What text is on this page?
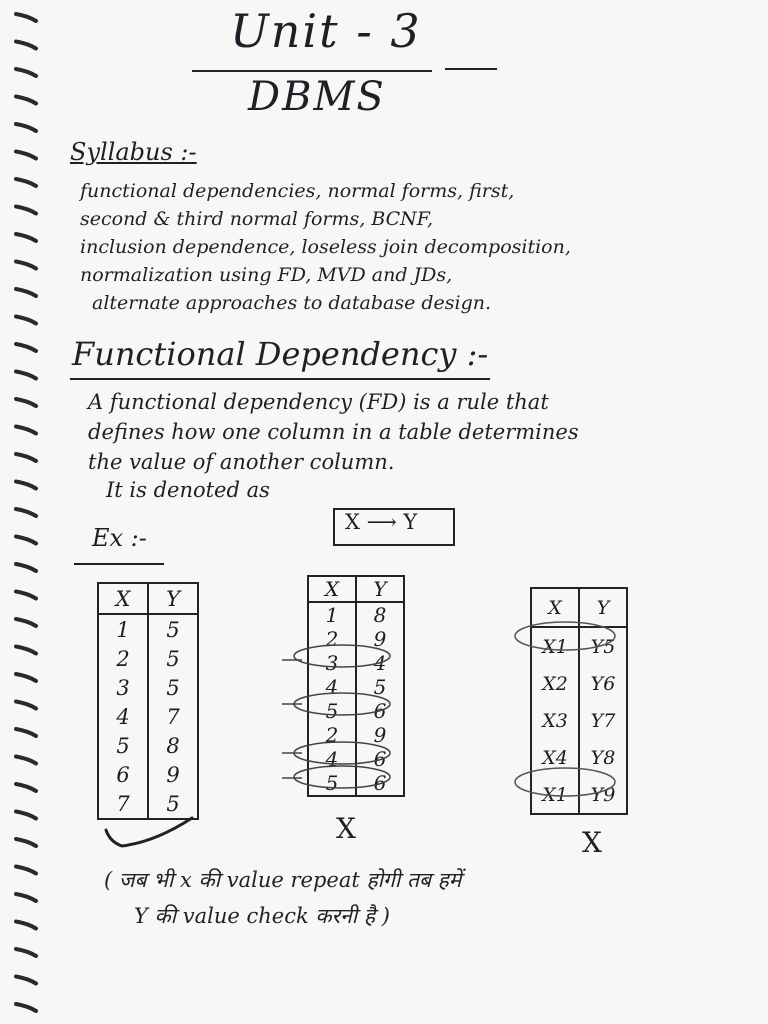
Unit - 3
DBMS
Syllabus :-
functional dependencies, normal forms, first,
second & third normal forms, BCNF,
inclusion dependence, loseless join decomposition,
normalization using FD, MVD and JDs,
alternate approaches to database design.
Functional Dependency :-
A functional dependency (FD) is a rule that
defines how one column in a table determines
the value of another column.
It is denoted as
X ⟶ Y
Ex :-
X	Y
1	5
2	5
3	5
4	7
5	8
6	9
7	5
X	Y
1	8
2	9
3	4
4	5
5	6
2	9
4	6
5	6
X
X	Y
X1	Y5
X2	Y6
X3	Y7
X4	Y8
X1	Y9
X
( जब भी x की value repeat होगी तब हमें
Y की value check करनी है )
